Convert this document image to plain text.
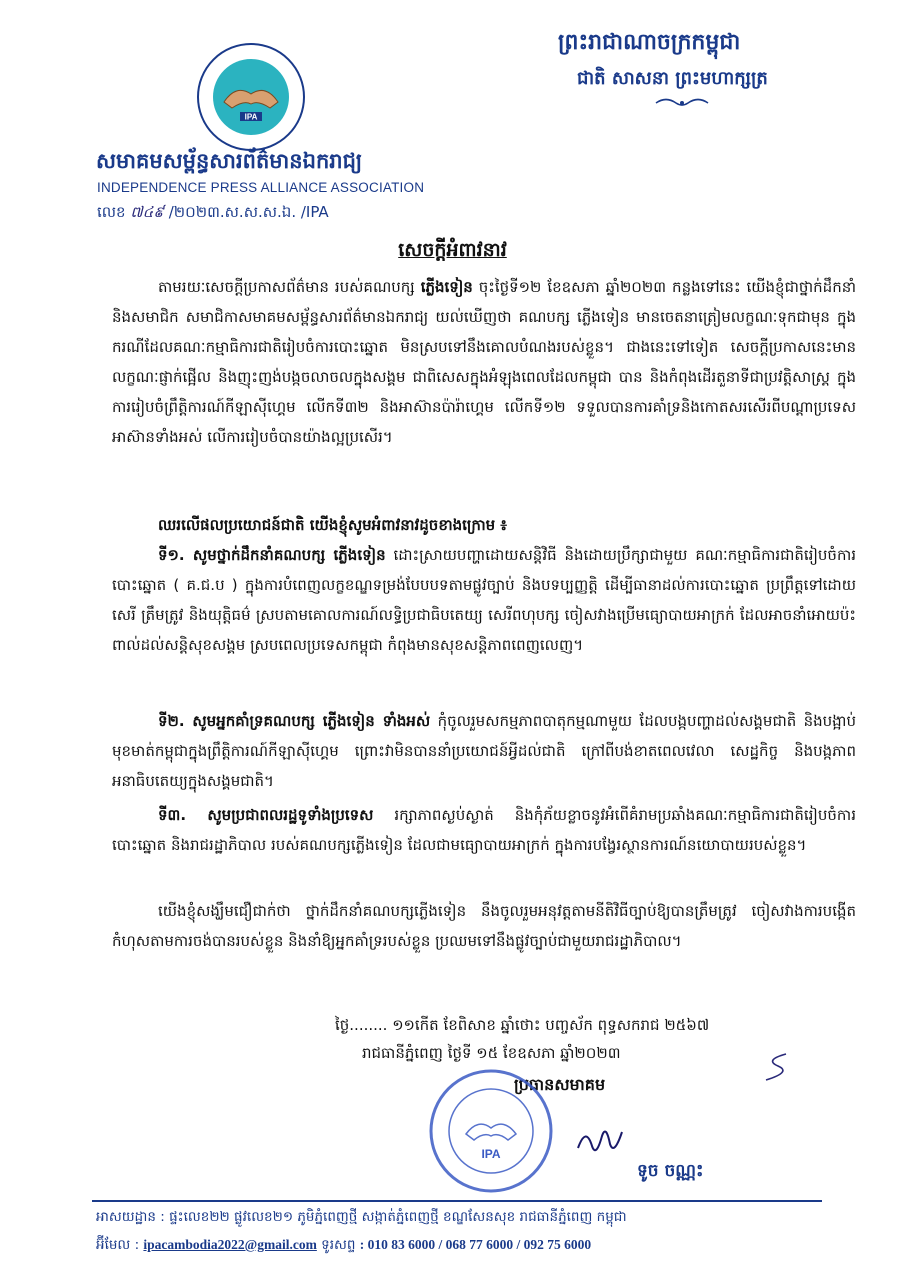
IPA
សមាគមសម្ព័ន្ធសារព័ត៌មានឯករាជ្យ
INDEPENDENCE PRESS ALLIANCE ASSOCIATION
លេខ ៧៤៩ /២០២៣.ស.ស.ស.ឯ. /IPA
ព្រះរាជាណាចក្រកម្ពុជា
ជាតិ សាសនា ព្រះមហាក្សត្រ
សេចក្តីអំពាវនាវ
តាមរយៈសេចក្តីប្រកាសព័ត៌មាន របស់គណបក្ស ភ្លើងទៀន ចុះថ្ងៃទី១២ ខែឧសភា ឆ្នាំ២០២៣ កន្លងទៅនេះ យើងខ្ញុំជាថ្នាក់ដឹកនាំ និងសមាជិក សមាជិកាសមាគមសម្ព័ន្ធសារព័ត៌មានឯករាជ្យ យល់ឃើញថា គណបក្ស ភ្លើងទៀន មានចេតនាត្រៀមលក្ខណៈទុកជាមុន ក្នុងករណីដែលគណៈកម្មាធិការជាតិរៀបចំការបោះឆ្នោត មិនស្របទៅនឹងគោលបំណងរបស់ខ្លួន។ ជាងនេះទៅទៀត សេចក្តីប្រកាសនេះមានលក្ខណៈផ្ញាក់ផ្អើល និងញុះញង់បង្កចលាចលក្នុងសង្គម ជាពិសេសក្នុងអំឡុងពេលដែលកម្ពុជា បាន និងកំពុងដើរតួនាទីជាប្រវត្តិសាស្ត្រ ក្នុងការរៀបចំព្រឹត្តិការណ៍កីឡាស៊ីហ្គេម លើកទី៣២ និងអាស៊ានប៉ារ៉ាហ្គេម លើកទី១២ ទទួលបានការគាំទ្រនិងកោតសរសើរពីបណ្តាប្រទេសអាស៊ានទាំងអស់ លើការរៀបចំបានយ៉ាងល្អប្រសើរ។
ឈរលើផលប្រយោជន៍ជាតិ យើងខ្ញុំសូមអំពាវនាវដូចខាងក្រោម ៖
ទី១. សូមថ្នាក់ដឹកនាំគណបក្ស ភ្លើងទៀន ដោះស្រាយបញ្ហាដោយសន្តិវិធី និងដោយប្រឹក្សាជាមួយ គណៈកម្មាធិការជាតិរៀបចំការបោះឆ្នោត ( គ.ជ.ប ) ក្នុងការបំពេញលក្ខខណ្ឌទម្រង់បែបបទតាមផ្លូវច្បាប់ និងបទប្បញ្ញត្តិ ដើម្បីធានាដល់ការបោះឆ្នោត ប្រព្រឹត្តទៅដោយសេរី ត្រឹមត្រូវ និងយុត្តិធម៌ ស្របតាមគោលការណ៍លទ្ធិប្រជាធិបតេយ្យ សេរីពហុបក្ស ចៀសវាងប្រើមធ្យោបាយអាក្រក់ ដែលអាចនាំអោយប៉ះពាល់ដល់សន្តិសុខសង្គម ស្របពេលប្រទេសកម្ពុជា កំពុងមានសុខសន្តិភាពពេញលេញ។
ទី២. សូមអ្នកគាំទ្រគណបក្ស ភ្លើងទៀន ទាំងអស់ កុំចូលរួមសកម្មភាពបាតុកម្មណាមួយ ដែលបង្កបញ្ហាដល់សង្គមជាតិ និងបង្អាប់មុខមាត់កម្ពុជាក្នុងព្រឹត្តិការណ៍កីឡាស៊ីហ្គេម ព្រោះវាមិនបាននាំប្រយោជន៍អ្វីដល់ជាតិ ក្រៅពីបង់ខាតពេលវេលា សេដ្ឋកិច្ច និងបង្កភាពអនាធិបតេយ្យក្នុងសង្គមជាតិ។
ទី៣. សូមប្រជាពលរដ្ឋទូទាំងប្រទេស រក្សាភាពស្ងប់ស្ងាត់ និងកុំភ័យខ្លាចនូវអំពើគំរាមប្រឆាំងគណៈកម្មាធិការជាតិរៀបចំការបោះឆ្នោត និងរាជរដ្ឋាភិបាល របស់គណបក្សភ្លើងទៀន ដែលជាមធ្យោបាយអាក្រក់ ក្នុងការបង្វែរស្ថានការណ៍នយោបាយរបស់ខ្លួន។
យើងខ្ញុំសង្ឃឹមជឿជាក់ថា ថ្នាក់ដឹកនាំគណបក្សភ្លើងទៀន នឹងចូលរួមអនុវត្តតាមនីតិវិធីច្បាប់ឱ្យបានត្រឹមត្រូវ ចៀសវាងការបង្កើតកំហុសតាមការចង់បានរបស់ខ្លួន និងនាំឱ្យអ្នកគាំទ្ររបស់ខ្លួន ប្រឈមទៅនឹងផ្លូវច្បាប់ជាមួយរាជរដ្ឋាភិបាល។
ថ្ងៃ........ ១១កើត ខែពិសាខ ឆ្នាំថោះ បញ្ចស័ក ពុទ្ធសករាជ ២៥៦៧
រាជធានីភ្នំពេញ ថ្ងៃទី ១៥ ខែឧសភា ឆ្នាំ២០២៣
ប្រធានសមាគម
IPA
ទូច ចណ្ណះ
អាសយដ្ឋាន : ផ្ទះលេខ២២ ផ្លូវលេខ២១ ភូមិភ្នំពេញថ្មី សង្កាត់ភ្នំពេញថ្មី ខណ្ឌសែនសុខ រាជធានីភ្នំពេញ កម្ពុជា
អ៊ីមែល : ipacambodia2022@gmail.com ទូរសព្ទ : 010 83 6000 / 068 77 6000 / 092 75 6000
